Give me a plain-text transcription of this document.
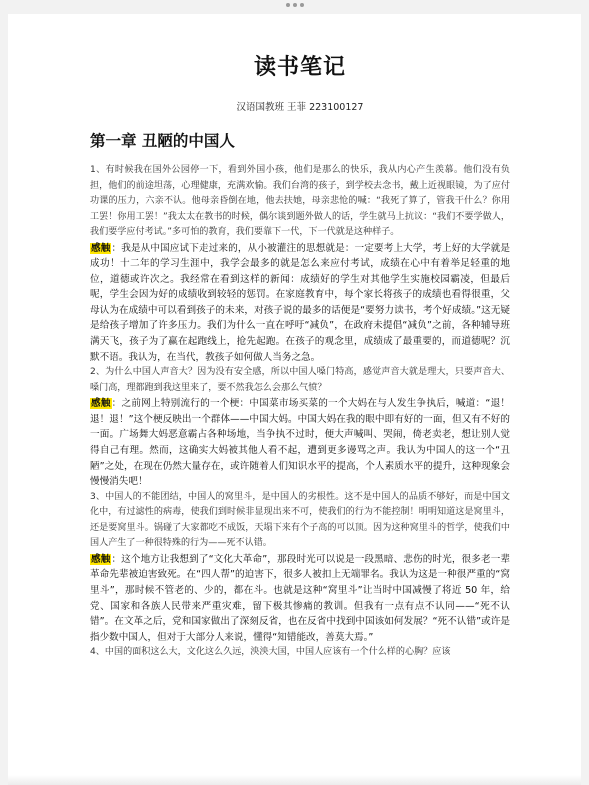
读书笔记
汉语国教班 王菲 223100127
第一章 丑陋的中国人

1、有时候我在国外公园停一下，看到外国小孩，他们是那么的快乐，我从内心产生羡慕。他们没有负担，他们的前途坦荡，心理健康，充满欢愉。我们台湾的孩子，到学校去念书，戴上近视眼镜，为了应付功课的压力，六亲不认。他母亲昏倒在地，他去扶她，母亲悲怆的喊：“我死了算了，管我干什么？你用工罢！你用工罢！”我太太在教书的时候，偶尔谈到题外做人的话，学生就马上抗议：“我们不要学做人，我们要学应付考试。”多可怕的教育，我们要靠下一代，下一代就是这种样子。

感触：我是从中国应试下走过来的，从小被灌注的思想就是：一定要考上大学，考上好的大学就是成功！十二年的学习生涯中，我学会最多的就是怎么来应付考试，成绩在心中有着举足轻重的地位，道德或许次之。我经常在看到这样的新闻：成绩好的学生对其他学生实施校园霸凌，但最后呢，学生会因为好的成绩收到较轻的惩罚。在家庭教育中，每个家长将孩子的成绩也看得很重，父母认为在成绩中可以看到孩子的未来，对孩子说的最多的话便是“要努力读书，考个好成绩。”这无疑是给孩子增加了许多压力。我们为什么一直在呼吁“减负”，在政府未提倡“减负”之前，各种辅导班满天飞，孩子为了赢在起跑线上，抢先起跑。在孩子的观念里，成绩成了最重要的，而道德呢？沉默不语。我认为，在当代，教孩子如何做人当务之急。

2、为什么中国人声音大？因为没有安全感，所以中国人嗓门特高，感觉声音大就是理大，只要声音大、嗓门高，理都跑到我这里来了，要不然我怎么会那么气愤？

感触：之前网上特别流行的一个梗：中国菜市场买菜的一个大妈在与人发生争执后，喊道：“退！退！退！”这个梗反映出一个群体——中国大妈。中国大妈在我的眼中即有好的一面，但又有不好的一面。广场舞大妈恶意霸占各种场地，当争执不过时，便大声喊叫、哭闹，倚老卖老，想让别人觉得自己有理。然而，这确实大妈被其他人看不起，遭到更多谩骂之声。我认为中国人的这一个“丑陋”之处，在现在仍然大量存在，或许随着人们知识水平的提高，个人素质水平的提升，这种现象会慢慢消失吧！

3、中国人的不能团结，中国人的窝里斗，是中国人的劣根性。这不是中国人的品质不够好，而是中国文化中，有过滤性的病毒，使我们到时候非显现出来不可，使我们的行为不能控制！明明知道这是窝里斗，还是要窝里斗。锅碰了大家都吃不成饭，天塌下来有个子高的可以顶。因为这种窝里斗的哲学，使我们中国人产生了一种很特殊的行为——死不认错。

感触：这个地方让我想到了“文化大革命”，那段时光可以说是一段黑暗、悲伤的时光，很多老一辈革命先辈被迫害致死。在“四人帮”的迫害下，很多人被扣上无端罪名。我认为这是一种很严重的“窝里斗”，那时候不管老的、少的，都在斗。也就是这种“窝里斗”让当时中国减慢了将近 50 年，给党、国家和各族人民带来严重灾难，留下极其惨痛的教训。但我有一点有点不认同——“死不认错”。在文革之后，党和国家做出了深刻反省，也在反省中找到中国该如何发展？“死不认错”或许是指少数中国人，但对于大部分人来说，懂得“知错能改，善莫大焉。”

4、中国的面积这么大，文化这么久远，泱泱大国，中国人应该有一个什么样的心胸？应该
